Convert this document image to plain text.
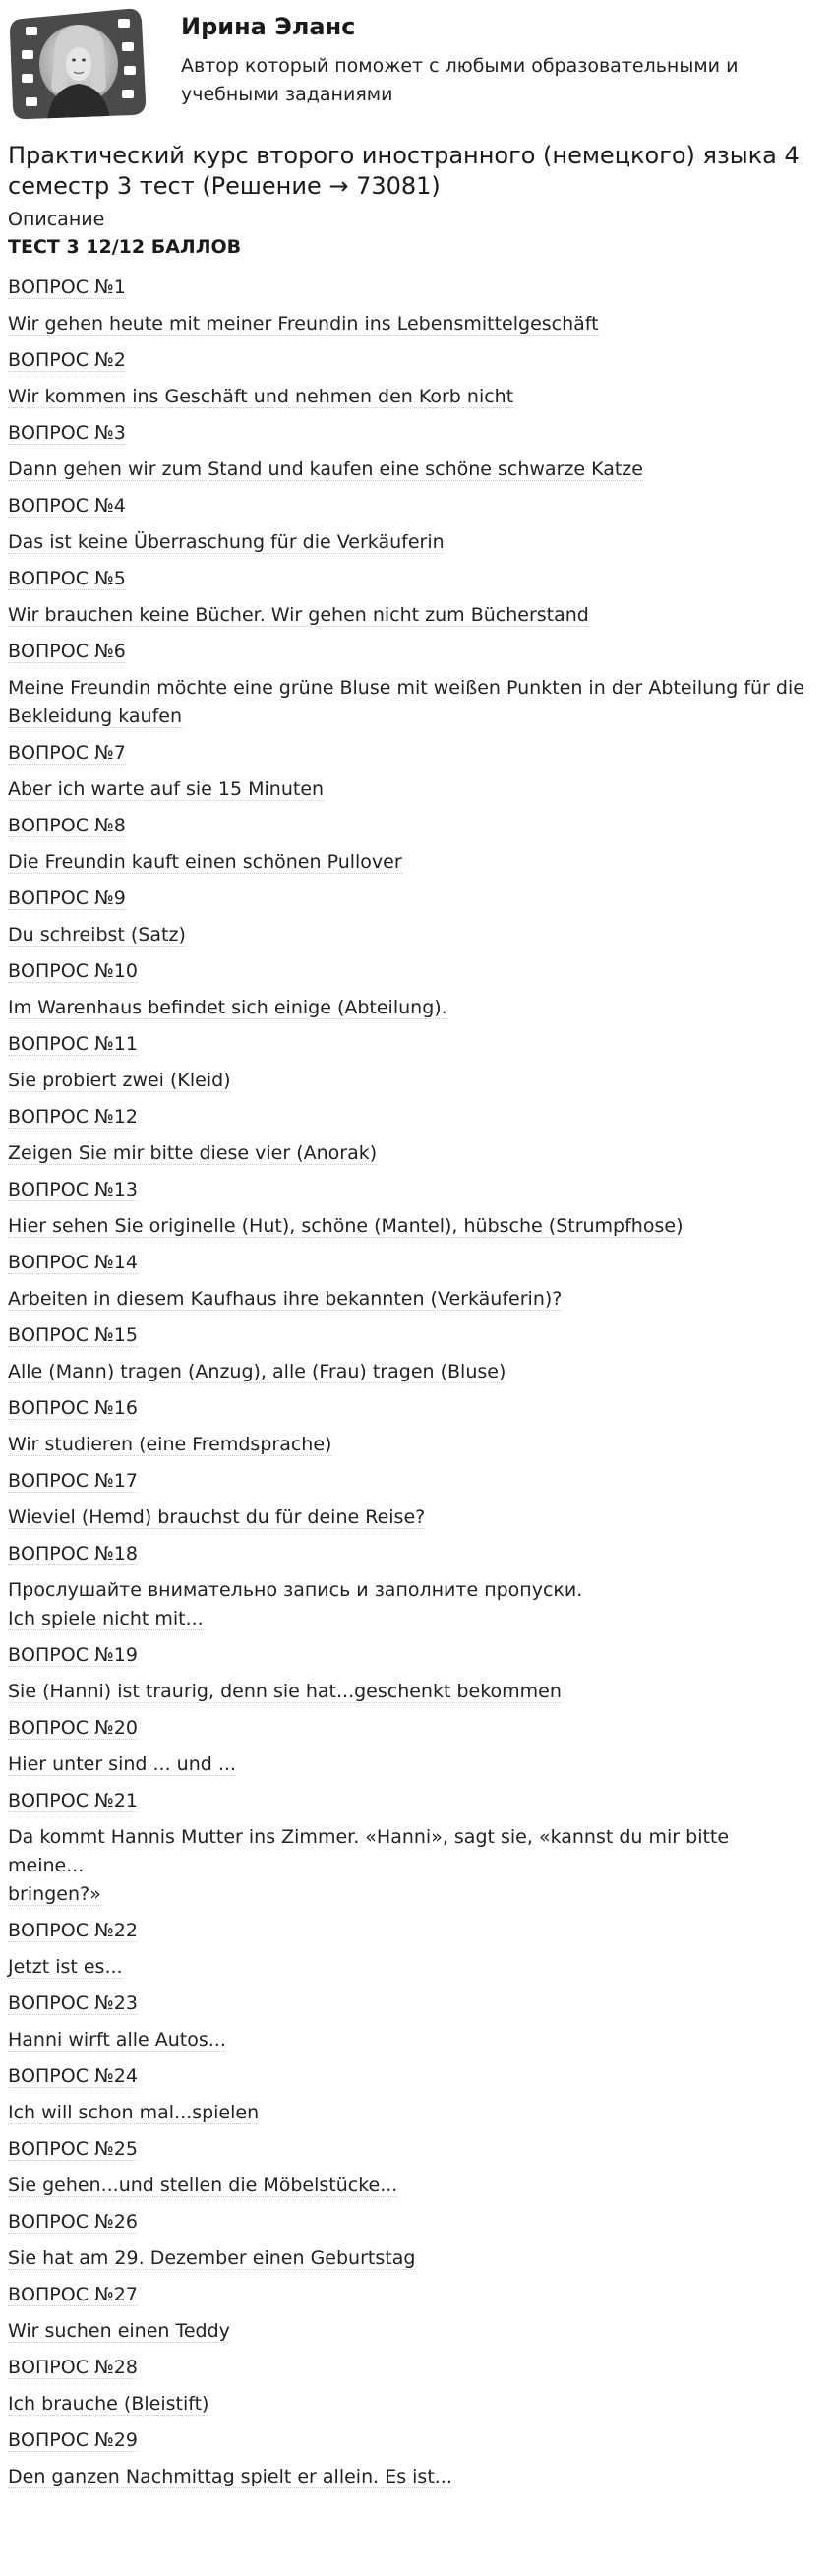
Ирина Эланс
Автор который поможет с любыми образовательными и учебными заданиями
Практический курс второго иностранного (немецкого) языка 4 семестр 3 тест (Решение → 73081)
Описание
ТЕСТ 3 12/12 БАЛЛОВ
ВОПРОС №1
Wir gehen heute mit meiner Freundin ins Lebensmittelgeschäft
ВОПРОС №2
Wir kommen ins Geschäft und nehmen den Korb nicht
ВОПРОС №3
Dann gehen wir zum Stand und kaufen eine schöne schwarze Katze
ВОПРОС №4
Das ist keine Überraschung für die Verkäuferin
ВОПРОС №5
Wir brauchen keine Bücher. Wir gehen nicht zum Bücherstand
ВОПРОС №6
Meine Freundin möchte eine grüne Bluse mit weißen Punkten in der Abteilung für die
Bekleidung kaufen
ВОПРОС №7
Aber ich warte auf sie 15 Minuten
ВОПРОС №8
Die Freundin kauft einen schönen Pullover
ВОПРОС №9
Du schreibst (Satz)
ВОПРОС №10
Im Warenhaus befindet sich einige (Abteilung).
ВОПРОС №11
Sie probiert zwei (Kleid)
ВОПРОС №12
Zeigen Sie mir bitte diese vier (Anorak)
ВОПРОС №13
Hier sehen Sie originelle (Hut), schöne (Mantel), hübsche (Strumpfhose)
ВОПРОС №14
Arbeiten in diesem Kaufhaus ihre bekannten (Verkäuferin)?
ВОПРОС №15
Alle (Mann) tragen (Anzug), alle (Frau) tragen (Bluse)
ВОПРОС №16
Wir studieren (eine Fremdsprache)
ВОПРОС №17
Wieviel (Hemd) brauchst du für deine Reise?
ВОПРОС №18
Прослушайте внимательно запись и заполните пропуски.
Ich spiele nicht mit...
ВОПРОС №19
Sie (Hanni) ist traurig, denn sie hat...geschenkt bekommen
ВОПРОС №20
Hier unter sind ... und ...
ВОПРОС №21
Da kommt Hannis Mutter ins Zimmer. «Hanni», sagt sie, «kannst du mir bitte meine...
bringen?»
ВОПРОС №22
Jetzt ist es...
ВОПРОС №23
Hanni wirft alle Autos...
ВОПРОС №24
Ich will schon mal...spielen
ВОПРОС №25
Sie gehen...und stellen die Möbelstücke...
ВОПРОС №26
Sie hat am 29. Dezember einen Geburtstag
ВОПРОС №27
Wir suchen einen Teddy
ВОПРОС №28
Ich brauche (Bleistift)
ВОПРОС №29
Den ganzen Nachmittag spielt er allein. Es ist...
